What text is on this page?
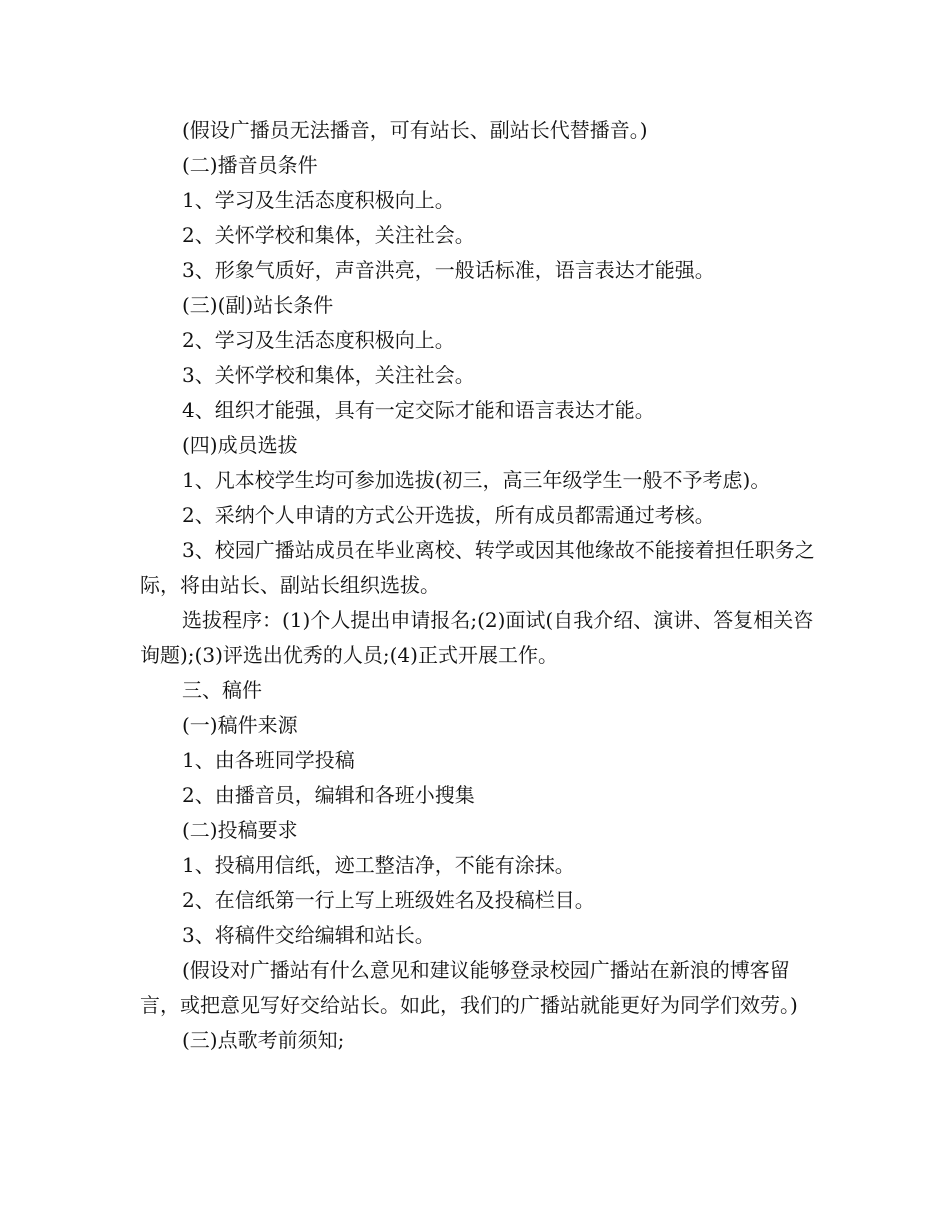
(假设广播员无法播音，可有站长、副站长代替播音。)

(二)播音员条件

1、学习及生活态度积极向上。

2、关怀学校和集体，关注社会。

3、形象气质好，声音洪亮，一般话标准，语言表达才能强。

(三)(副)站长条件

2、学习及生活态度积极向上。

3、关怀学校和集体，关注社会。

4、组织才能强，具有一定交际才能和语言表达才能。

(四)成员选拔

1、凡本校学生均可参加选拔(初三，高三年级学生一般不予考虑)。

2、采纳个人申请的方式公开选拔，所有成员都需通过考核。

3、校园广播站成员在毕业离校、转学或因其他缘故不能接着担任职务之际，将由站长、副站长组织选拔。

选拔程序：(1)个人提出申请报名;(2)面试(自我介绍、演讲、答复相关咨询题);(3)评选出优秀的人员;(4)正式开展工作。

三、稿件

(一)稿件来源

1、由各班同学投稿

2、由播音员，编辑和各班小搜集

(二)投稿要求

1、投稿用信纸，迹工整洁净，不能有涂抹。

2、在信纸第一行上写上班级姓名及投稿栏目。

3、将稿件交给编辑和站长。

(假设对广播站有什么意见和建议能够登录校园广播站在新浪的博客留言，或把意见写好交给站长。如此，我们的广播站就能更好为同学们效劳。)

(三)点歌考前须知;
